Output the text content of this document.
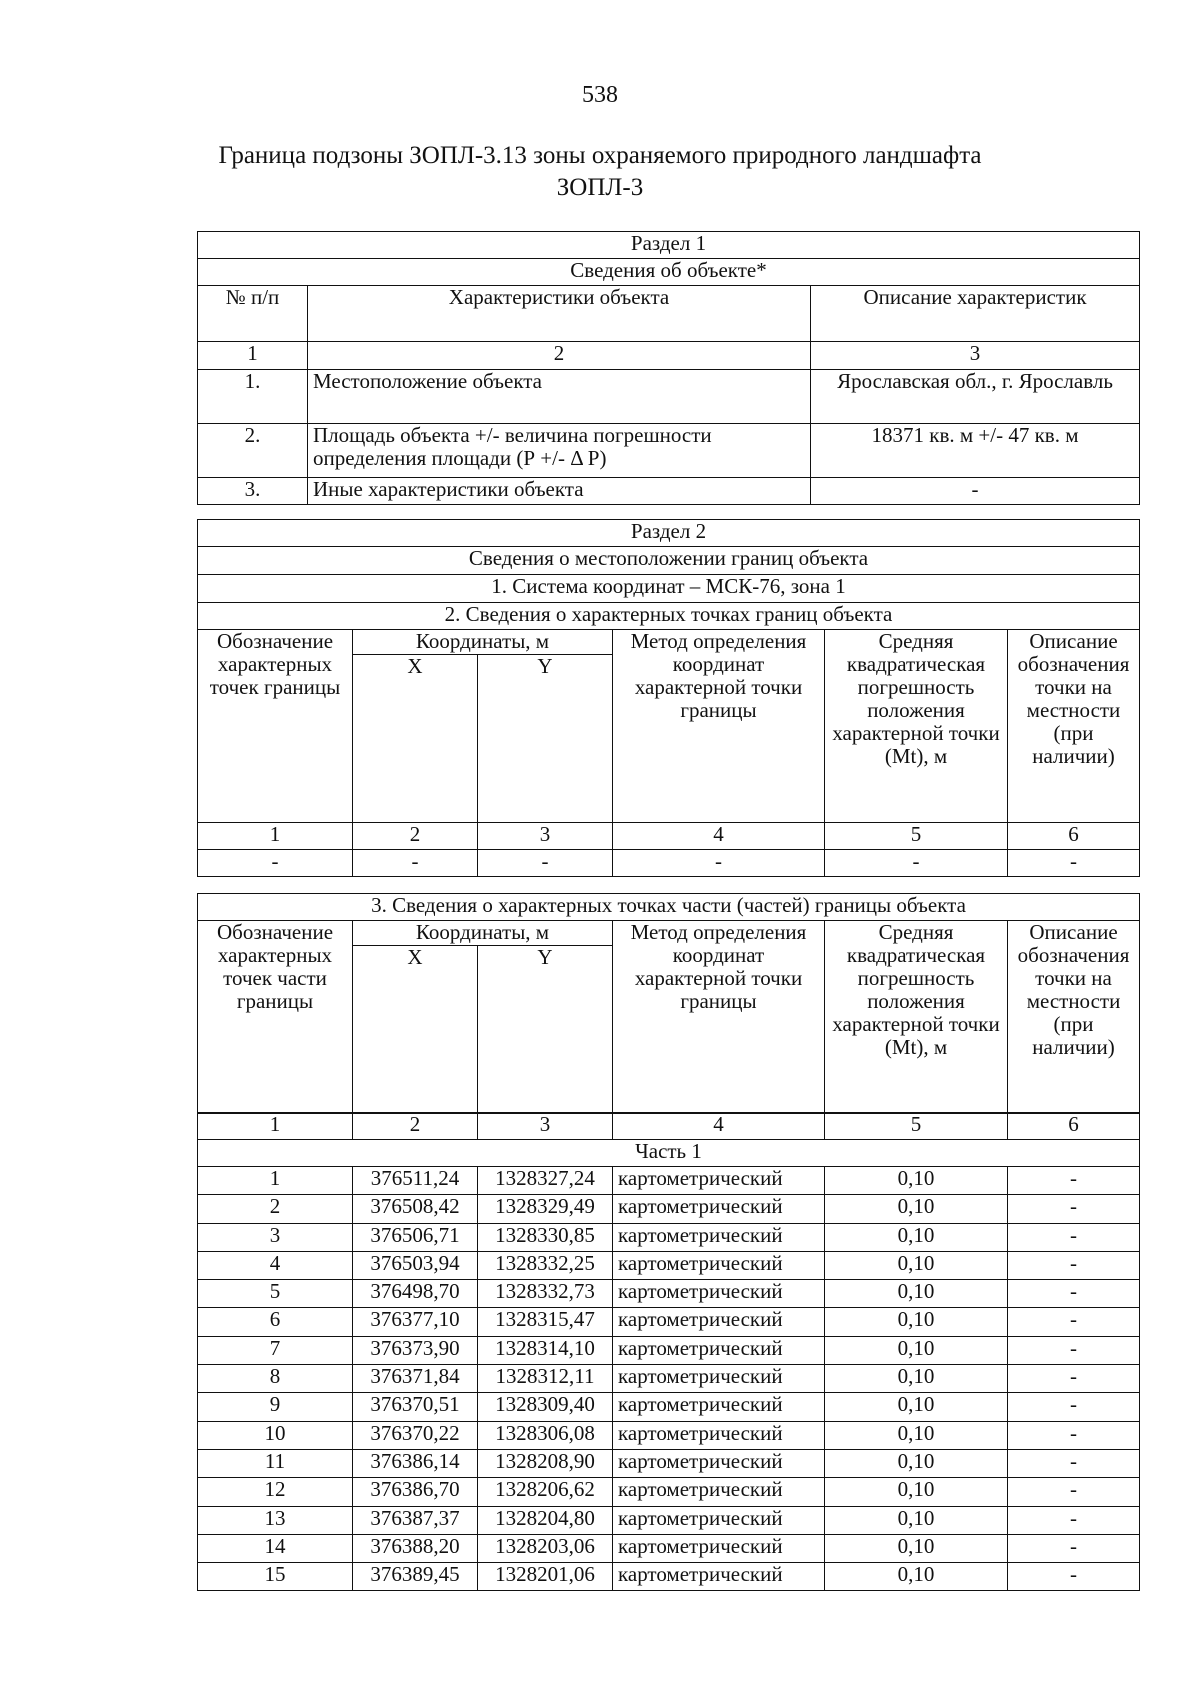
538
Граница подзоны ЗОПЛ-3.13 зоны охраняемого природного ландшафта
ЗОПЛ-3
Раздел 1		
Сведения об объекте*		
№ п/п	Характеристики объекта	Описание характеристик
1	2	3
1.	Местоположение объекта	Ярославская обл., г. Ярославль
2.	Площадь объекта +/- величина погрешности определения площади (Р +/- Δ Р)	18371 кв. м +/- 47 кв. м
3.	Иные характеристики объекта	-
Раздел 2					
Сведения о местоположении границ объекта					
1. Система координат – МСК-76, зона 1					
2. Сведения о характерных точках границ объекта					
Обозначение характерных точек границы	Координаты, м		Метод определения координат характерной точки границы	Средняя квадратическая погрешность положения характерной точки (Mt), м	Описание обозначения точки на местности (при наличии)
	X	Y			
1	2	3	4	5	6
-	-	-	-	-	-
3. Сведения о характерных точках части (частей) границы объекта					
Обозначение характерных точек части границы	Координаты, м		Метод определения координат характерной точки границы	Средняя квадратическая погрешность положения характерной точки (Mt), м	Описание обозначения точки на местности (при наличии)
	X	Y			
1	2	3	4	5	6
Часть 1					
1	376511,24	1328327,24	картометрический	0,10	-
2	376508,42	1328329,49	картометрический	0,10	-
3	376506,71	1328330,85	картометрический	0,10	-
4	376503,94	1328332,25	картометрический	0,10	-
5	376498,70	1328332,73	картометрический	0,10	-
6	376377,10	1328315,47	картометрический	0,10	-
7	376373,90	1328314,10	картометрический	0,10	-
8	376371,84	1328312,11	картометрический	0,10	-
9	376370,51	1328309,40	картометрический	0,10	-
10	376370,22	1328306,08	картометрический	0,10	-
11	376386,14	1328208,90	картометрический	0,10	-
12	376386,70	1328206,62	картометрический	0,10	-
13	376387,37	1328204,80	картометрический	0,10	-
14	376388,20	1328203,06	картометрический	0,10	-
15	376389,45	1328201,06	картометрический	0,10	-
